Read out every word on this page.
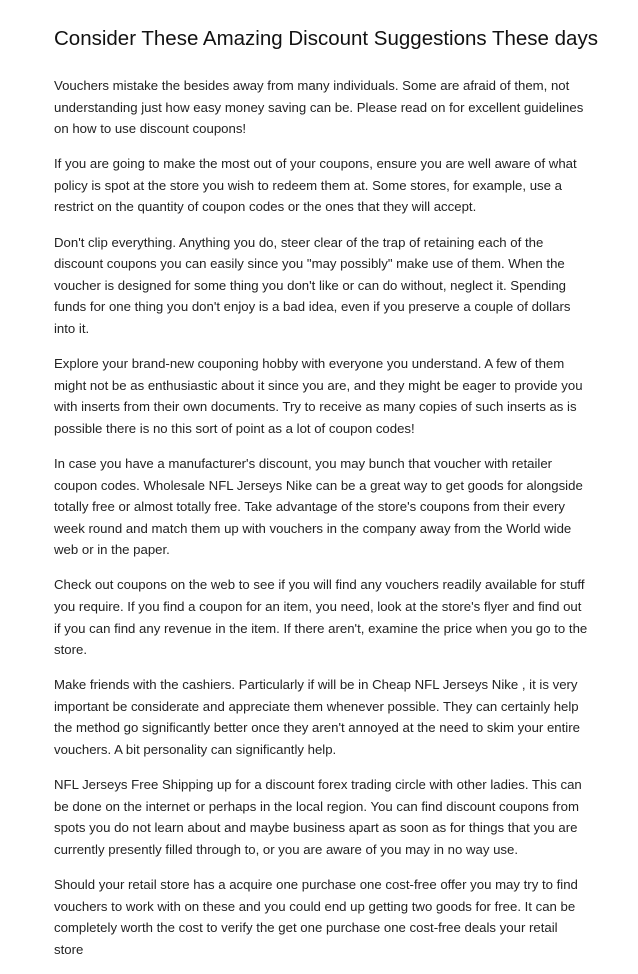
Consider These Amazing Discount Suggestions These days

Vouchers mistake the besides away from many individuals. Some are afraid of them, not understanding just how easy money saving can be. Please read on for excellent guidelines on how to use discount coupons!

If you are going to make the most out of your coupons, ensure you are well aware of what policy is spot at the store you wish to redeem them at. Some stores, for example, use a restrict on the quantity of coupon codes or the ones that they will accept.

Don't clip everything. Anything you do, steer clear of the trap of retaining each of the discount coupons you can easily since you "may possibly" make use of them. When the voucher is designed for some thing you don't like or can do without, neglect it. Spending funds for one thing you don't enjoy is a bad idea, even if you preserve a couple of dollars into it.

Explore your brand-new couponing hobby with everyone you understand. A few of them might not be as enthusiastic about it since you are, and they might be eager to provide you with inserts from their own documents. Try to receive as many copies of such inserts as is possible there is no this sort of point as a lot of coupon codes!

In case you have a manufacturer's discount, you may bunch that voucher with retailer coupon codes. Wholesale NFL Jerseys Nike can be a great way to get goods for alongside totally free or almost totally free. Take advantage of the store's coupons from their every week round and match them up with vouchers in the company away from the World wide web or in the paper.

Check out coupons on the web to see if you will find any vouchers readily available for stuff you require. If you find a coupon for an item, you need, look at the store's flyer and find out if you can find any revenue in the item. If there aren't, examine the price when you go to the store.

Make friends with the cashiers. Particularly if will be in Cheap NFL Jerseys Nike , it is very important be considerate and appreciate them whenever possible. They can certainly help the method go significantly better once they aren't annoyed at the need to skim your entire vouchers. A bit personality can significantly help.

NFL Jerseys Free Shipping up for a discount forex trading circle with other ladies. This can be done on the internet or perhaps in the local region. You can find discount coupons from spots you do not learn about and maybe business apart as soon as for things that you are currently presently filled through to, or you are aware of you may in no way use.

Should your retail store has a acquire one purchase one cost-free offer you may try to find vouchers to work with on these and you could end up getting two goods for free. It can be completely worth the cost to verify the get one purchase one cost-free deals your retail store
